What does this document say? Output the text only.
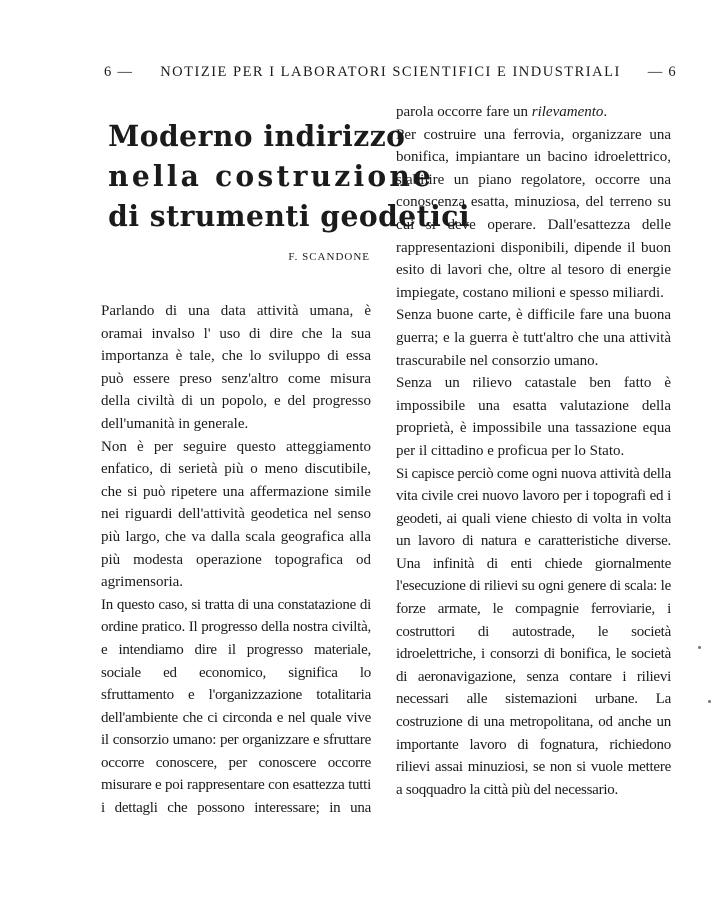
6 — NOTIZIE PER I LABORATORI SCIENTIFICI E INDUSTRIALI — 6
Moderno indirizzo
nella costruzione
di strumenti geodetici
F. SCANDONE

Parlando di una data attività umana, è oramai invalso l' uso di dire che la sua importanza è tale, che lo sviluppo di essa può essere preso senz'altro come misura della civiltà di un popolo, e del progresso dell'umanità in generale.

Non è per seguire questo atteggiamento enfatico, di serietà più o meno discutibile, che si può ripetere una affermazione simile nei riguardi dell'attività geodetica nel senso più largo, che va dalla scala geografica alla più modesta operazione topografica od agrimensoria.

In questo caso, si tratta di una constatazione di ordine pratico. Il progresso della nostra civiltà, e intendiamo dire il progresso materiale, sociale ed economico, significa lo sfruttamento e l'organizzazione totalitaria dell'ambiente che ci circonda e nel quale vive il consorzio umano: per organizzare e sfruttare occorre conoscere, per conoscere occorre misurare e poi rappresentare con esattezza tutti i dettagli che possono interessare; in una

parola occorre fare un rilevamento.

Per costruire una ferrovia, organizzare una bonifica, impiantare un bacino idroelettrico, stabilire un piano regolatore, occorre una conoscenza esatta, minuziosa, del terreno su cui si deve operare. Dall'esattezza delle rappresentazioni disponibili, dipende il buon esito di lavori che, oltre al tesoro di energie impiegate, costano milioni e spesso miliardi.

Senza buone carte, è difficile fare una buona guerra; e la guerra è tutt'altro che una attività trascurabile nel consorzio umano.

Senza un rilievo catastale ben fatto è impossibile una esatta valutazione della proprietà, è impossibile una tassazione equa per il cittadino e proficua per lo Stato.

Si capisce perciò come ogni nuova attività della vita civile crei nuovo lavoro per i topografi ed i geodeti, ai quali viene chiesto di volta in volta un lavoro di natura e caratteristiche diverse. Una infinità di enti chiede giornalmente l'esecuzione di rilievi su ogni genere di scala: le forze armate, le compagnie ferroviarie, i costruttori di autostrade, le società idroelettriche, i consorzi di bonifica, le società di aeronavigazione, senza contare i rilievi necessari alle sistemazioni urbane. La costruzione di una metropolitana, od anche un importante lavoro di fognatura, richiedono rilievi assai minuziosi, se non si vuole mettere a soqquadro la città più del necessario.
